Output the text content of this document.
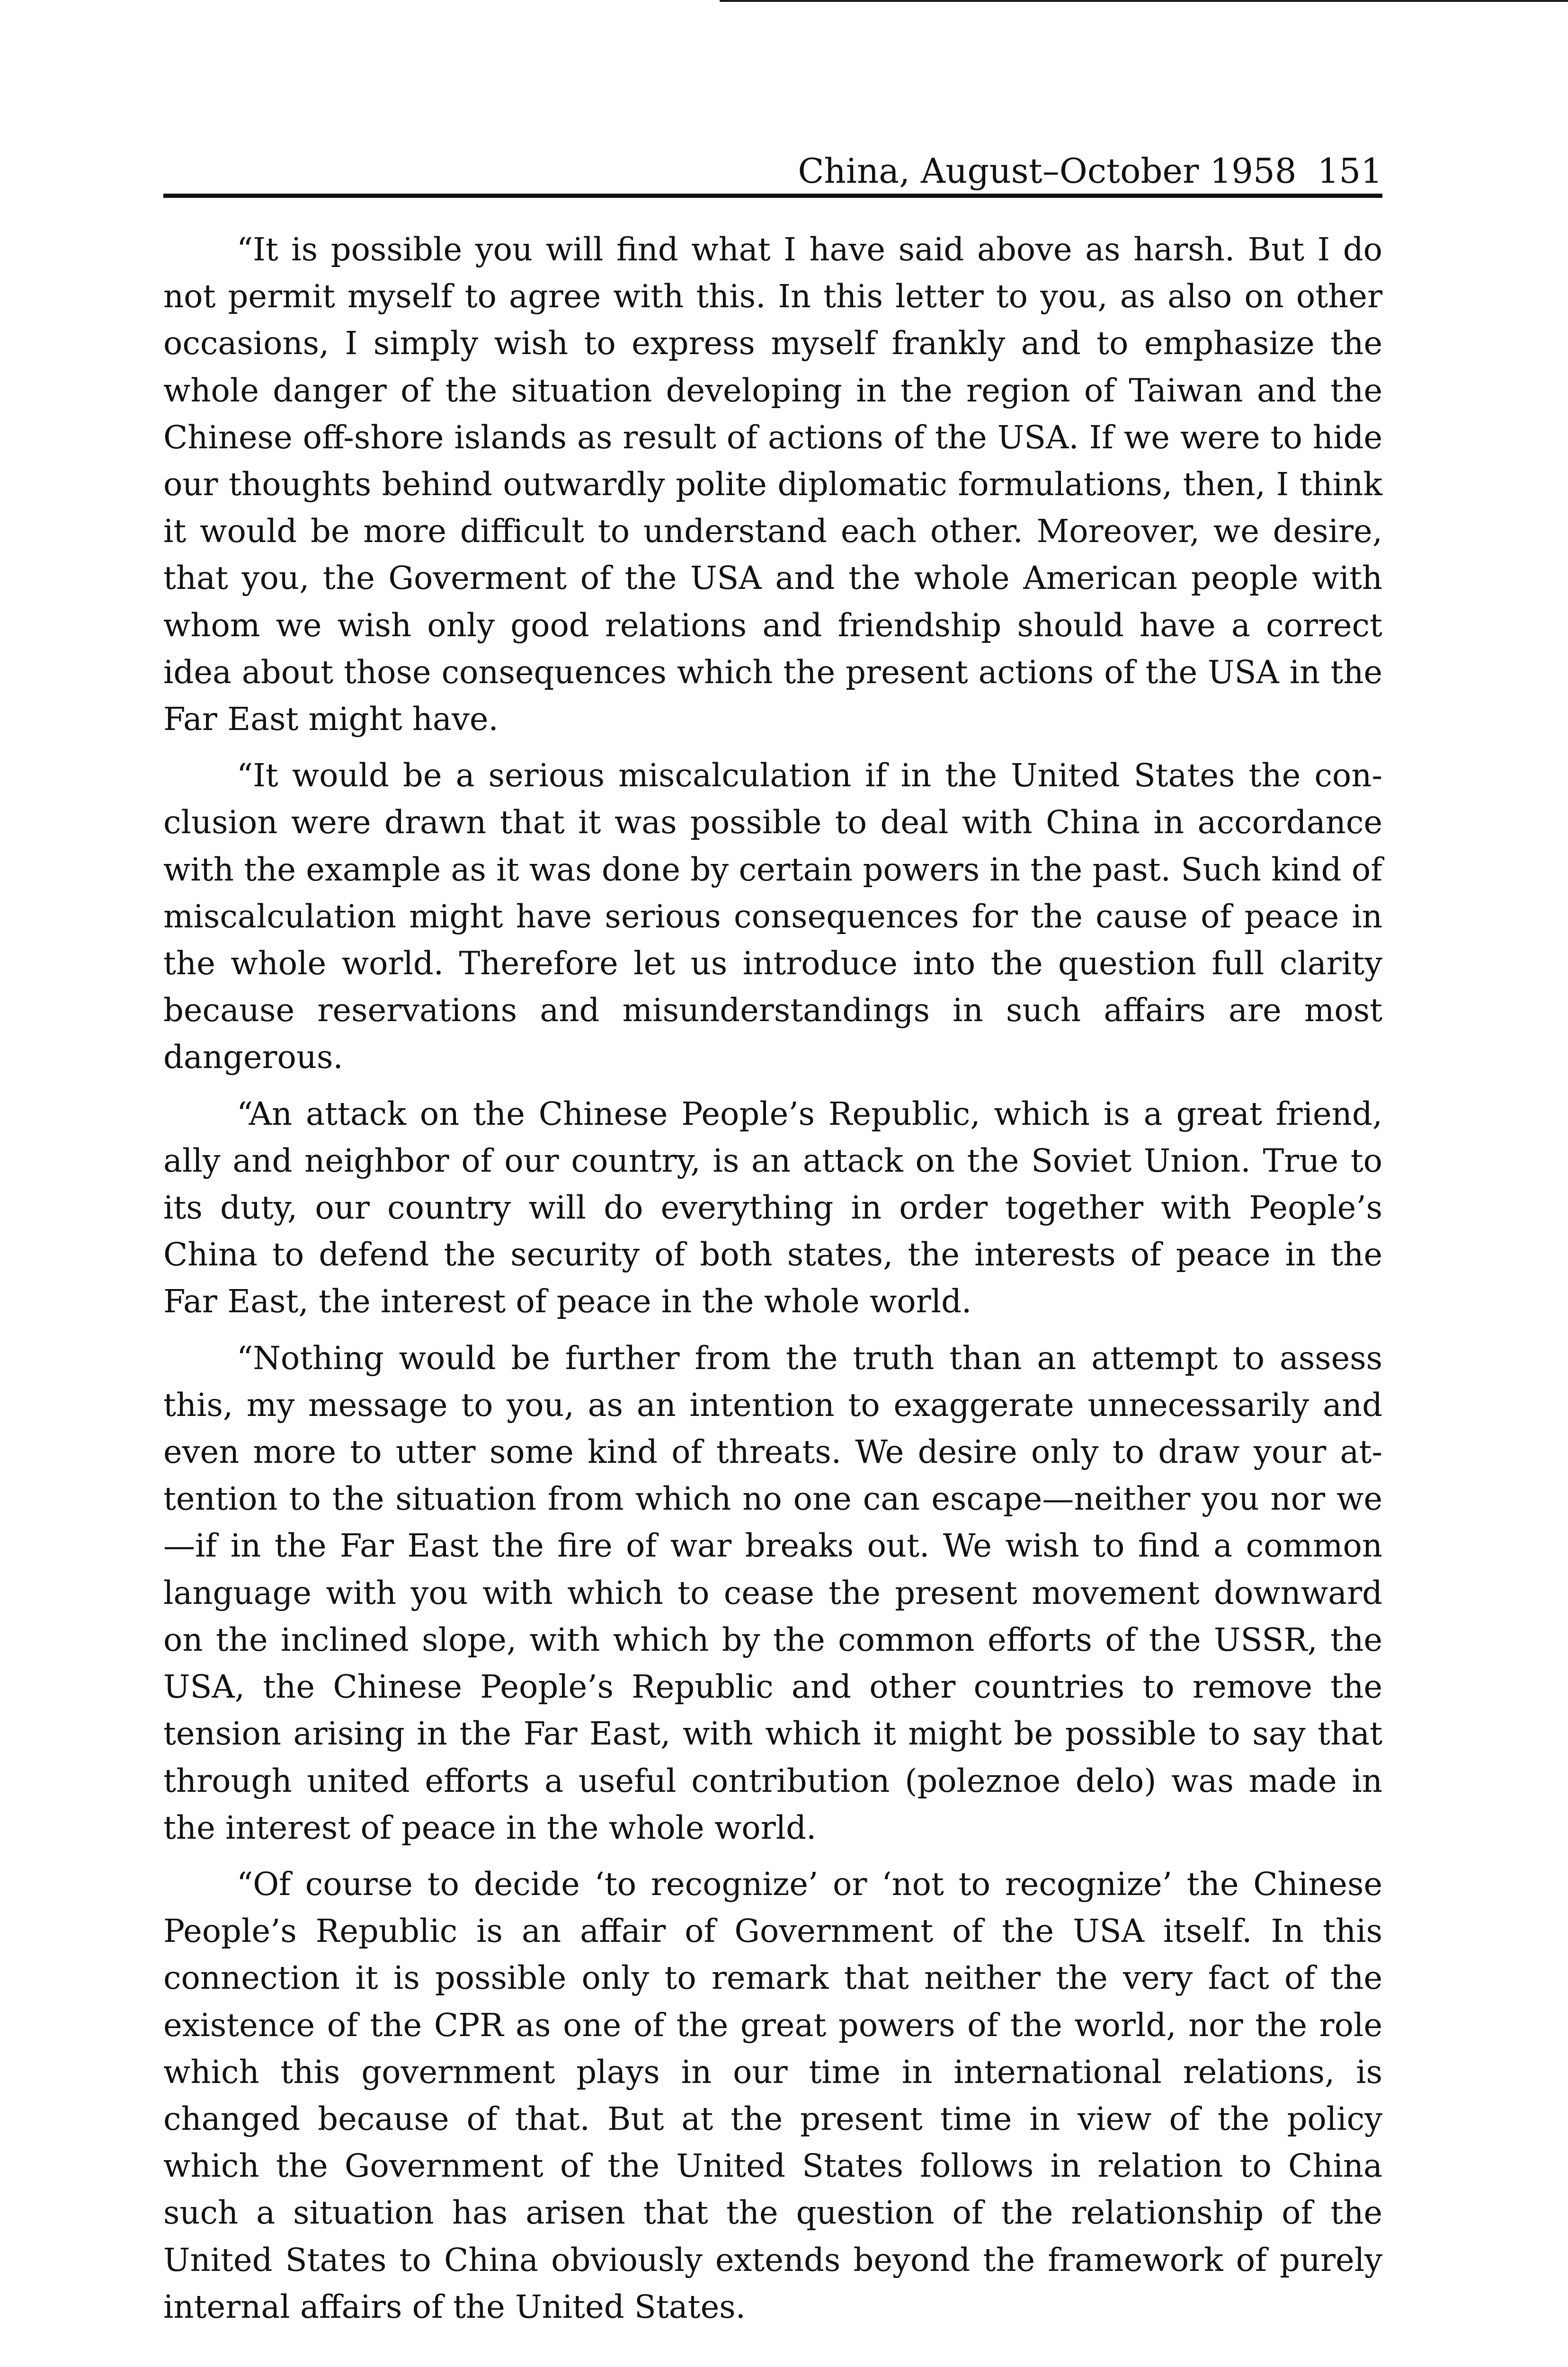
China, August–October 1958 151

“It is possible you will find what I have said above as harsh. But I do not permit myself to agree with this. In this letter to you, as also on other occasions, I simply wish to express myself frankly and to emphasize the whole danger of the situation developing in the region of Taiwan and the Chinese off-shore islands as result of actions of the USA. If we were to hide our thoughts behind outwardly polite diplomatic formulations, then, I think it would be more difficult to understand each other. Moreover, we desire, that you, the Goverment of the USA and the whole American people with whom we wish only good relations and friendship should have a correct idea about those consequences which the present actions of the USA in the Far East might have.

“It would be a serious miscalculation if in the United States the conclusion were drawn that it was possible to deal with China in accordance with the example as it was done by certain powers in the past. Such kind of miscalculation might have serious consequences for the cause of peace in the whole world. Therefore let us introduce into the question full clarity because reservations and misunderstandings in such affairs are most dangerous.

“An attack on the Chinese People’s Republic, which is a great friend, ally and neighbor of our country, is an attack on the Soviet Union. True to its duty, our country will do everything in order together with People’s China to defend the security of both states, the interests of peace in the Far East, the interest of peace in the whole world.

“Nothing would be further from the truth than an attempt to assess this, my message to you, as an intention to exaggerate unnecessarily and even more to utter some kind of threats. We desire only to draw your attention to the situation from which no one can escape—neither you nor we—if in the Far East the fire of war breaks out. We wish to find a common language with you with which to cease the present movement downward on the inclined slope, with which by the common efforts of the USSR, the USA, the Chinese People’s Republic and other countries to remove the tension arising in the Far East, with which it might be possible to say that through united efforts a useful contribution (poleznoe delo) was made in the interest of peace in the whole world.

“Of course to decide ‘to recognize’ or ‘not to recognize’ the Chinese People’s Republic is an affair of Government of the USA itself. In this connection it is possible only to remark that neither the very fact of the existence of the CPR as one of the great powers of the world, nor the role which this government plays in our time in international relations, is changed because of that. But at the present time in view of the policy which the Government of the United States follows in relation to China such a situation has arisen that the question of the relationship of the United States to China obviously extends beyond the framework of purely internal affairs of the United States.
